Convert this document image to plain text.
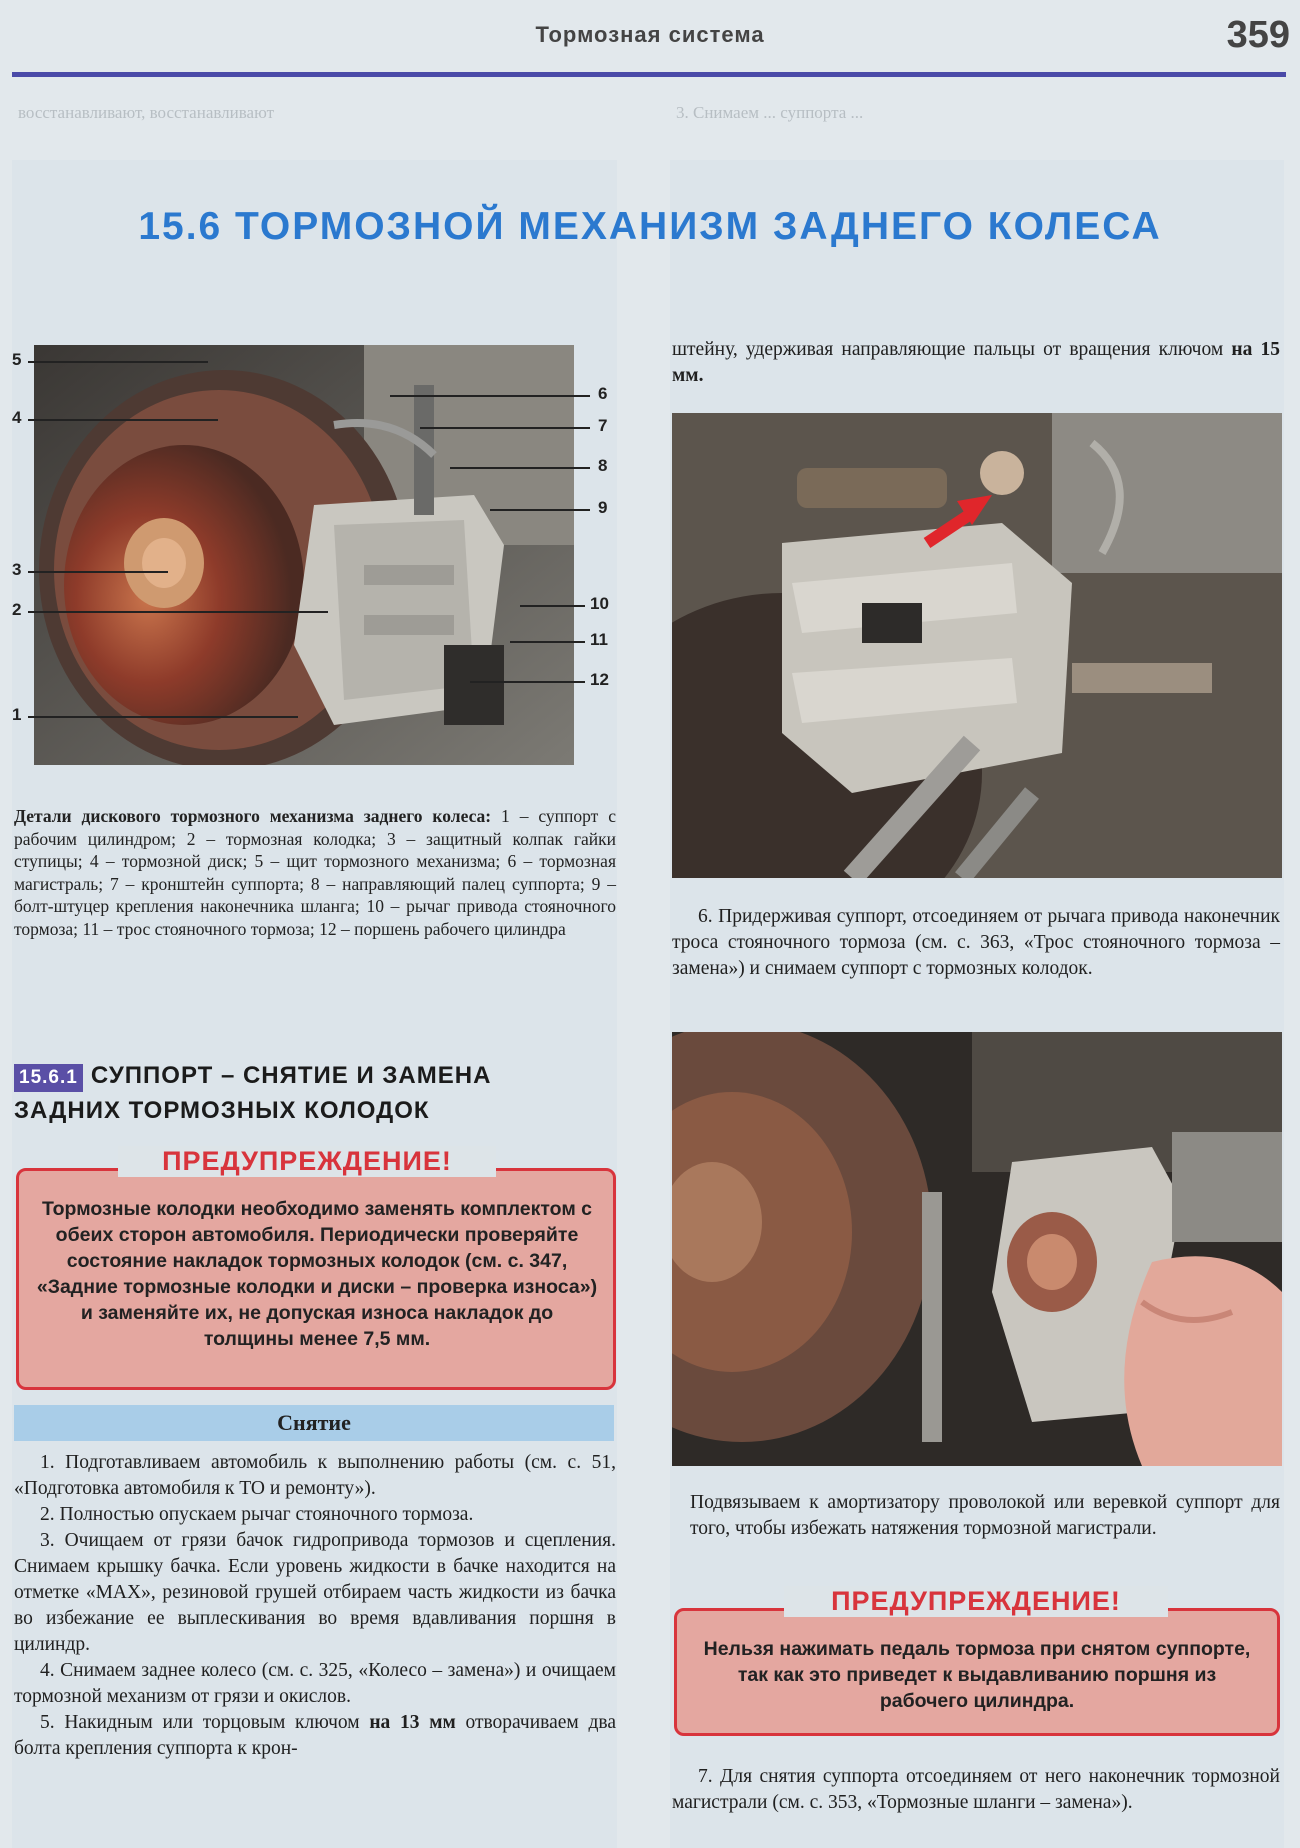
Тормозная система	359
восстанавливают, восстанавливают	3. Снимаем ... суппорта ...
15.6 ТОРМОЗНОЙ МЕХАНИЗМ ЗАДНЕГО КОЛЕСА
5
4
3
2
1
6
7
8
9
10
11
12
Детали дискового тормозного механизма заднего колеса: 1 – суппорт с рабочим цилиндром; 2 – тормозная колодка; 3 – защитный колпак гайки ступицы; 4 – тормозной диск; 5 – щит тормозного механизма; 6 – тормозная магистраль; 7 – кронштейн суппорта; 8 – направляющий палец суппорта; 9 – болт-штуцер крепления наконечника шланга; 10 – рычаг привода стояночного тормоза; 11 – трос стояночного тормоза; 12 – поршень рабочего цилиндра
15.6.1 СУППОРТ – СНЯТИЕ И ЗАМЕНА
ЗАДНИХ ТОРМОЗНЫХ КОЛОДОК
ПРЕДУПРЕЖДЕНИЕ!
Тормозные колодки необходимо заменять комплектом с обеих сторон автомобиля. Периодически проверяйте состояние накладок тормозных колодок (см. с. 347, «Задние тормозные колодки и диски – проверка износа») и заменяйте их, не допуская износа накладок до толщины менее 7,5 мм.
Снятие

1. Подготавливаем автомобиль к выполнению работы (см. с. 51, «Подготовка автомобиля к ТО и ремонту»).

2. Полностью опускаем рычаг стояночного тормоза.

3. Очищаем от грязи бачок гидропривода тормозов и сцепления. Снимаем крышку бачка. Если уровень жидкости в бачке находится на отметке «MAX», резиновой грушей отбираем часть жидкости из бачка во избежание ее выплескивания во время вдавливания поршня в цилиндр.

4. Снимаем заднее колесо (см. с. 325, «Колесо – замена») и очищаем тормозной механизм от грязи и окислов.

5. Накидным или торцовым ключом на 13 мм отворачиваем два болта крепления суппорта к крон-

штейну, удерживая направляющие пальцы от вращения ключом на 15 мм.
6. Придерживая суппорт, отсоединяем от рычага привода наконечник троса стояночного тормоза (см. с. 363, «Трос стояночного тормоза – замена») и снимаем суппорт с тормозных колодок.
Подвязываем к амортизатору проволокой или веревкой суппорт для того, чтобы избежать натяжения тормозной магистрали.
ПРЕДУПРЕЖДЕНИЕ!
Нельзя нажимать педаль тормоза при снятом суппорте, так как это приведет к выдавливанию поршня из рабочего цилиндра.
7. Для снятия суппорта отсоединяем от него наконечник тормозной магистрали (см. с. 353, «Тормозные шланги – замена»).
